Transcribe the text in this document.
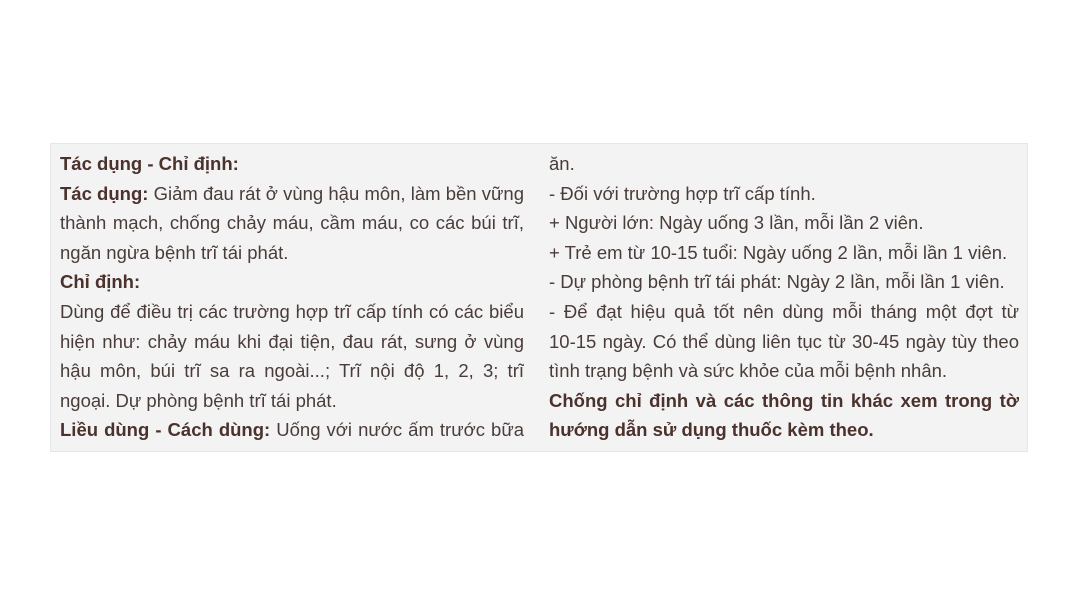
Tác dụng - Chỉ định:
Tác dụng: Giảm đau rát ở vùng hậu môn, làm bền vững
thành mạch, chống chảy máu, cầm máu, co các búi trĩ,
ngăn ngừa bệnh trĩ tái phát.
Chỉ định:
Dùng để điều trị các trường hợp trĩ cấp tính có các biểu
hiện như: chảy máu khi đại tiện, đau rát, sưng ở vùng
hậu môn, búi trĩ sa ra ngoài...; Trĩ nội độ 1, 2, 3; trĩ
ngoại. Dự phòng bệnh trĩ tái phát.
Liều dùng - Cách dùng: Uống với nước ấm trước bữa
ăn.
- Đối với trường hợp trĩ cấp tính.
+ Người lớn: Ngày uống 3 lần, mỗi lần 2 viên.
+ Trẻ em từ 10-15 tuổi: Ngày uống 2 lần, mỗi lần 1 viên.
- Dự phòng bệnh trĩ tái phát: Ngày 2 lần, mỗi lần 1 viên.
- Để đạt hiệu quả tốt nên dùng mỗi tháng một đợt từ
10-15 ngày. Có thể dùng liên tục từ 30-45 ngày tùy theo
tình trạng bệnh và sức khỏe của mỗi bệnh nhân.
Chống chỉ định và các thông tin khác xem trong tờ
hướng dẫn sử dụng thuốc kèm theo.
